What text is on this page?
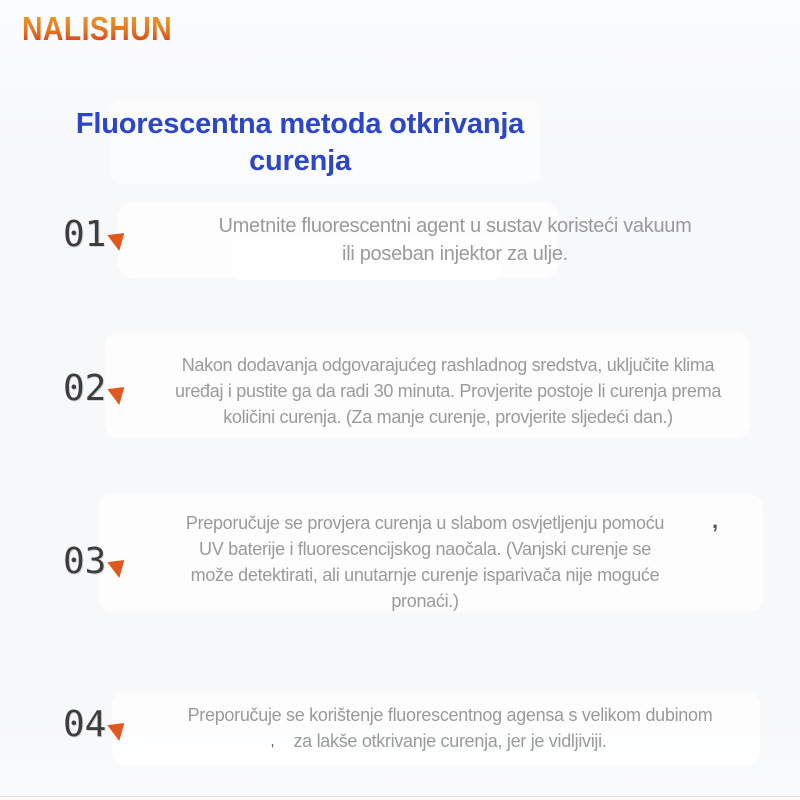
NALISHUN
Fluorescentna metoda otkrivanja curenja
01	Umetnite fluorescentni agent u sustav koristeći vakuum
ili poseban injektor za ulje.
02
Nakon dodavanja odgovarajućeg rashladnog sredstva, uključite klima
uređaj i pustite ga da radi 30 minuta. Provjerite postoje li curenja prema
količini curenja. (Za manje curenje, provjerite sljedeći dan.)
03
Preporučuje se provjera curenja u slabom osvjetljenju pomoću
UV baterije i fluorescencijskog naočala. (Vanjski curenje se
može detektirati, ali unutarnje curenje isparivača nije moguće
pronaći.)
,
04	Preporučuje se korištenje fluorescentnog agensa s velikom dubinom
za lakše otkrivanje curenja, jer je vidljiviji.
'
